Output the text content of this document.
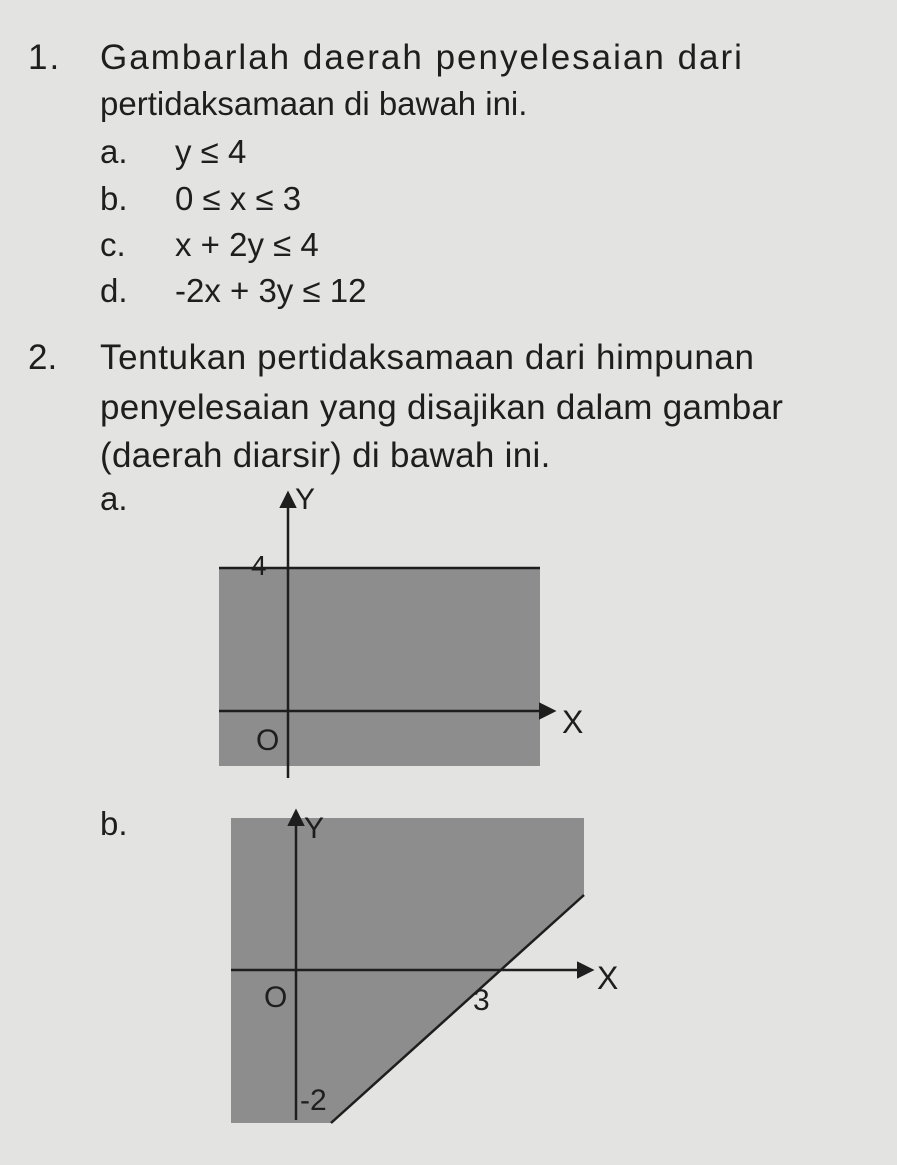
1. Gambarlah daerah penyelesaian dari
pertidaksamaan di bawah ini.
a. y ≤ 4
b. 0 ≤ x ≤ 3
c. x + 2y ≤ 4
d. -2x + 3y ≤ 12
2. Tentukan pertidaksamaan dari himpunan
penyelesaian yang disajikan dalam gambar
(daerah diarsir) di bawah ini.
a.
b.
Y
X
4
O
Y
X
O	3
-2
